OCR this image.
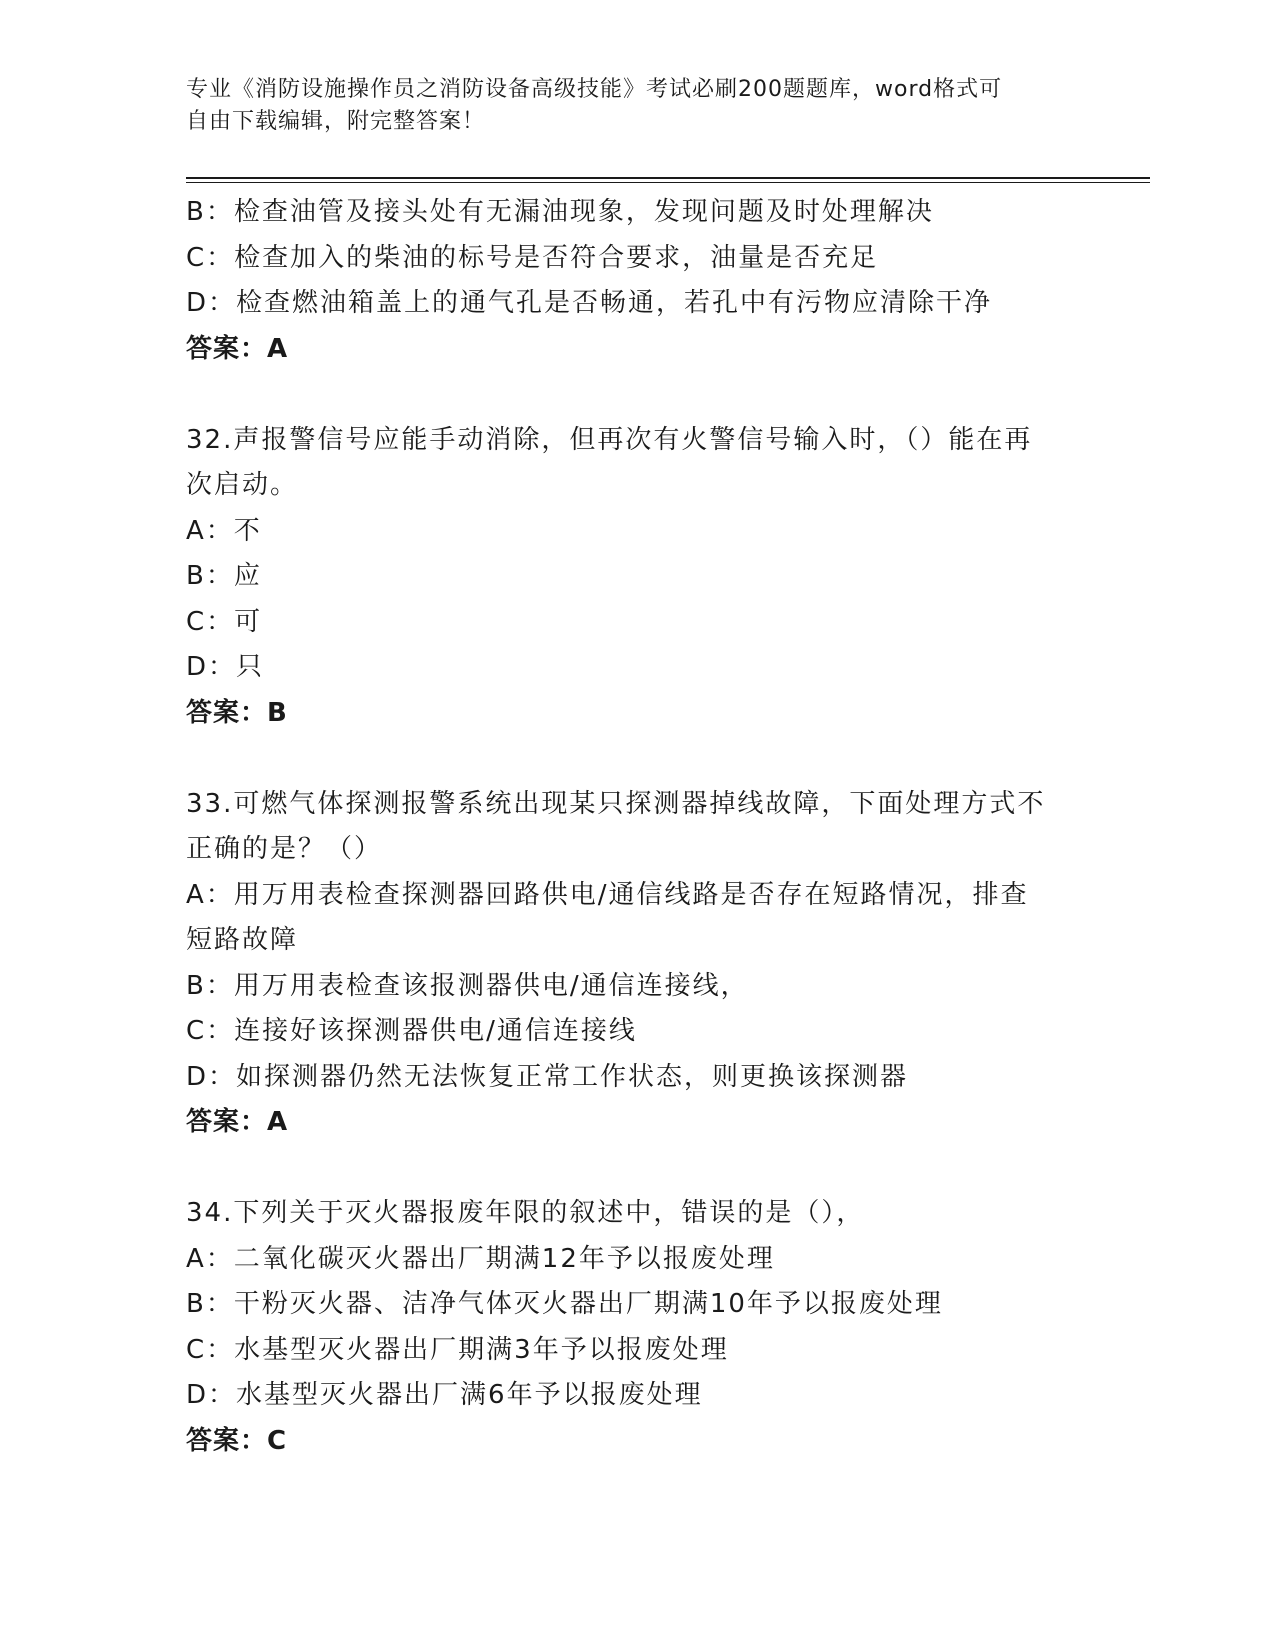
专业《消防设施操作员之消防设备高级技能》考试必刷200题题库，word格式可
自由下载编辑，附完整答案！
B：检查油管及接头处有无漏油现象，发现问题及时处理解决
C：检查加入的柴油的标号是否符合要求，油量是否充足
D：检查燃油箱盖上的通气孔是否畅通，若孔中有污物应清除干净
答案：A
32.声报警信号应能手动消除，但再次有火警信号输入时，（）能在再
次启动。
A：不
B：应
C：可
D：只
答案：B
33.可燃气体探测报警系统出现某只探测器掉线故障，下面处理方式不
正确的是？（）
A：用万用表检查探测器回路供电/通信线路是否存在短路情况，排查
短路故障
B：用万用表检查该报测器供电/通信连接线，
C：连接好该探测器供电/通信连接线
D：如探测器仍然无法恢复正常工作状态，则更换该探测器
答案：A
34.下列关于灭火器报废年限的叙述中，错误的是（），
A：二氧化碳灭火器出厂期满12年予以报废处理
B：干粉灭火器、洁净气体灭火器出厂期满10年予以报废处理
C：水基型灭火器出厂期满3年予以报废处理
D：水基型灭火器出厂满6年予以报废处理
答案：C
